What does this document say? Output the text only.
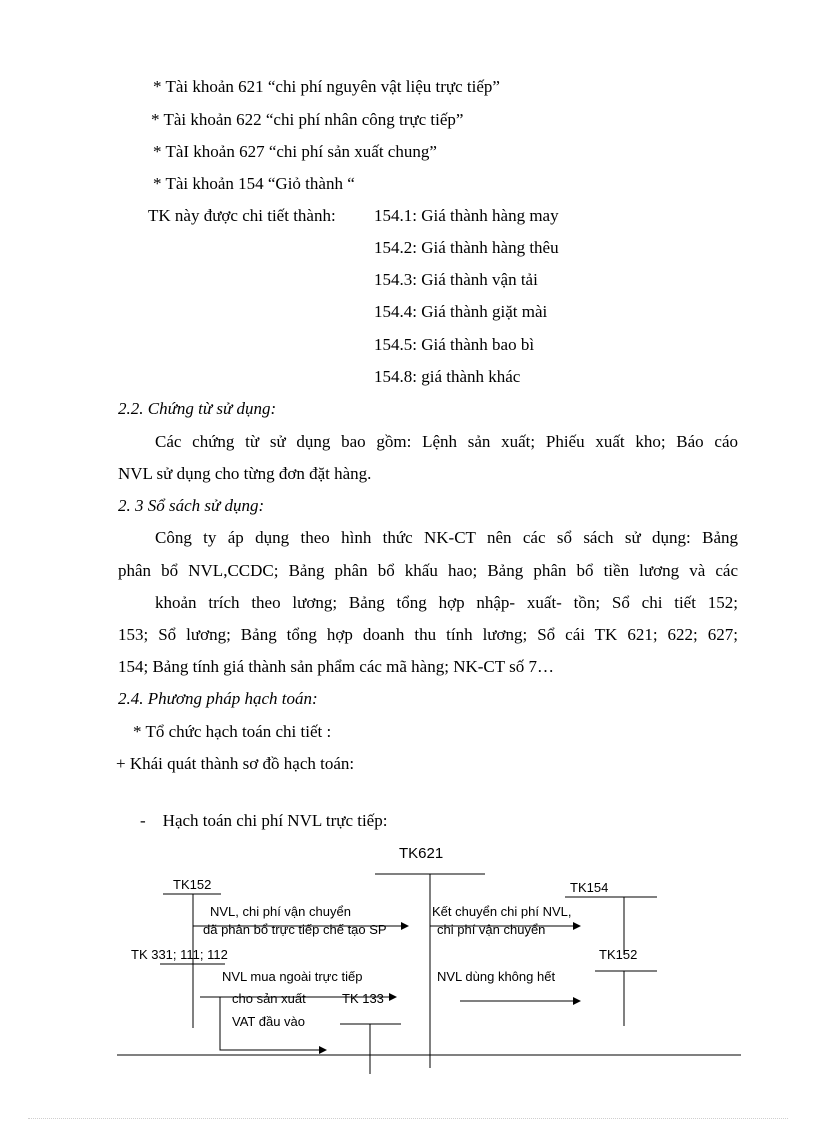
* Tài khoản 621 “chi phí nguyên vật liệu trực tiếp”
* Tài khoản 622 “chi phí nhân công trực tiếp”
* TàI khoản 627 “chi phí sản xuất chung”
* Tài khoản 154 “Giỏ thành “
TK này được chi tiết thành: 154.1: Giá thành hàng may
154.2: Giá thành hàng thêu
154.3: Giá thành vận tải
154.4: Giá thành giặt mài
154.5: Giá thành bao bì
154.8: giá thành khác
2.2. Chứng từ sử dụng:
Các chứng từ sử dụng bao gồm: Lệnh sản xuất; Phiếu xuất kho; Báo cáo
NVL sử dụng cho từng đơn đặt hàng.
2. 3 Sổ sách sử dụng:
Công ty áp dụng theo hình thức NK-CT nên các sổ sách sử dụng: Bảng
phân bổ NVL,CCDC; Bảng phân bổ khấu hao; Bảng phân bổ tiền lương và các
khoản trích theo lương; Bảng tổng hợp nhập- xuất- tồn; Sổ chi tiết 152;
153; Sổ lương; Bảng tổng hợp doanh thu tính lương; Sổ cái TK 621; 622; 627;
154; Bảng tính giá thành sản phẩm các mã hàng; NK-CT số 7…
2.4. Phương pháp hạch toán:
* Tổ chức hạch toán chi tiết :
+ Khái quát thành sơ đồ hạch toán:
-    Hạch toán chi phí NVL trực tiếp:
TK621
TK152
TK 331; 111; 112
TK154
TK152
TK 133
NVL, chi phí vận chuyển
đã phân bổ trực tiếp chế tạo SP
NVL mua ngoài trực tiếp
cho sản xuất
VAT đầu vào
Kết chuyển chi phí NVL,
chi phí vận chuyển
NVL dùng không hết
